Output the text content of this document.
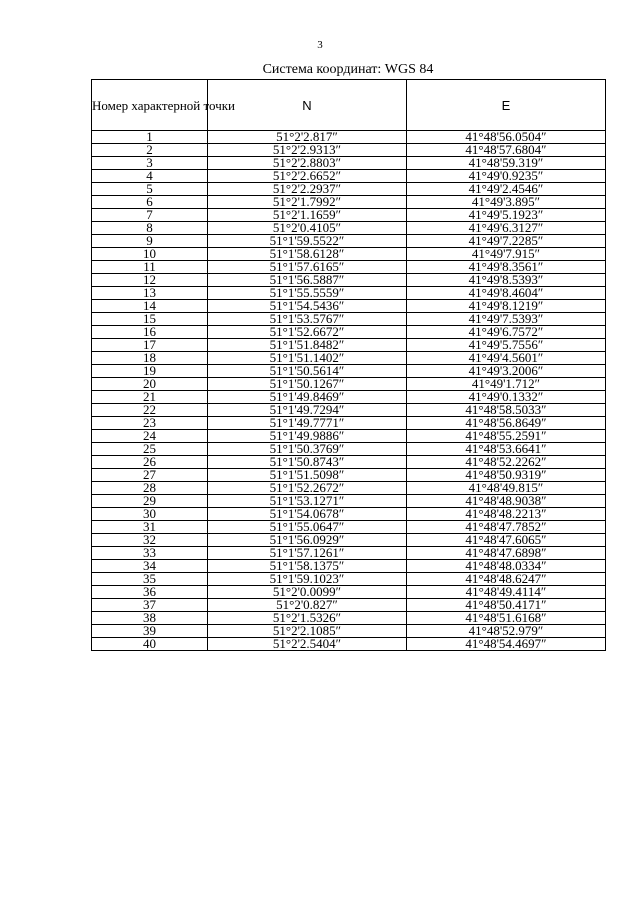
3
Система координат: WGS 84
Номер характерной точки	N	E
1	51°2'2.817″	41°48'56.0504″
2	51°2'2.9313″	41°48'57.6804″
3	51°2'2.8803″	41°48'59.319″
4	51°2'2.6652″	41°49'0.9235″
5	51°2'2.2937″	41°49'2.4546″
6	51°2'1.7992″	41°49'3.895″
7	51°2'1.1659″	41°49'5.1923″
8	51°2'0.4105″	41°49'6.3127″
9	51°1'59.5522″	41°49'7.2285″
10	51°1'58.6128″	41°49'7.915″
11	51°1'57.6165″	41°49'8.3561″
12	51°1'56.5887″	41°49'8.5393″
13	51°1'55.5559″	41°49'8.4604″
14	51°1'54.5436″	41°49'8.1219″
15	51°1'53.5767″	41°49'7.5393″
16	51°1'52.6672″	41°49'6.7572″
17	51°1'51.8482″	41°49'5.7556″
18	51°1'51.1402″	41°49'4.5601″
19	51°1'50.5614″	41°49'3.2006″
20	51°1'50.1267″	41°49'1.712″
21	51°1'49.8469″	41°49'0.1332″
22	51°1'49.7294″	41°48'58.5033″
23	51°1'49.7771″	41°48'56.8649″
24	51°1'49.9886″	41°48'55.2591″
25	51°1'50.3769″	41°48'53.6641″
26	51°1'50.8743″	41°48'52.2262″
27	51°1'51.5098″	41°48'50.9319″
28	51°1'52.2672″	41°48'49.815″
29	51°1'53.1271″	41°48'48.9038″
30	51°1'54.0678″	41°48'48.2213″
31	51°1'55.0647″	41°48'47.7852″
32	51°1'56.0929″	41°48'47.6065″
33	51°1'57.1261″	41°48'47.6898″
34	51°1'58.1375″	41°48'48.0334″
35	51°1'59.1023″	41°48'48.6247″
36	51°2'0.0099″	41°48'49.4114″
37	51°2'0.827″	41°48'50.4171″
38	51°2'1.5326″	41°48'51.6168″
39	51°2'2.1085″	41°48'52.979″
40	51°2'2.5404″	41°48'54.4697″
